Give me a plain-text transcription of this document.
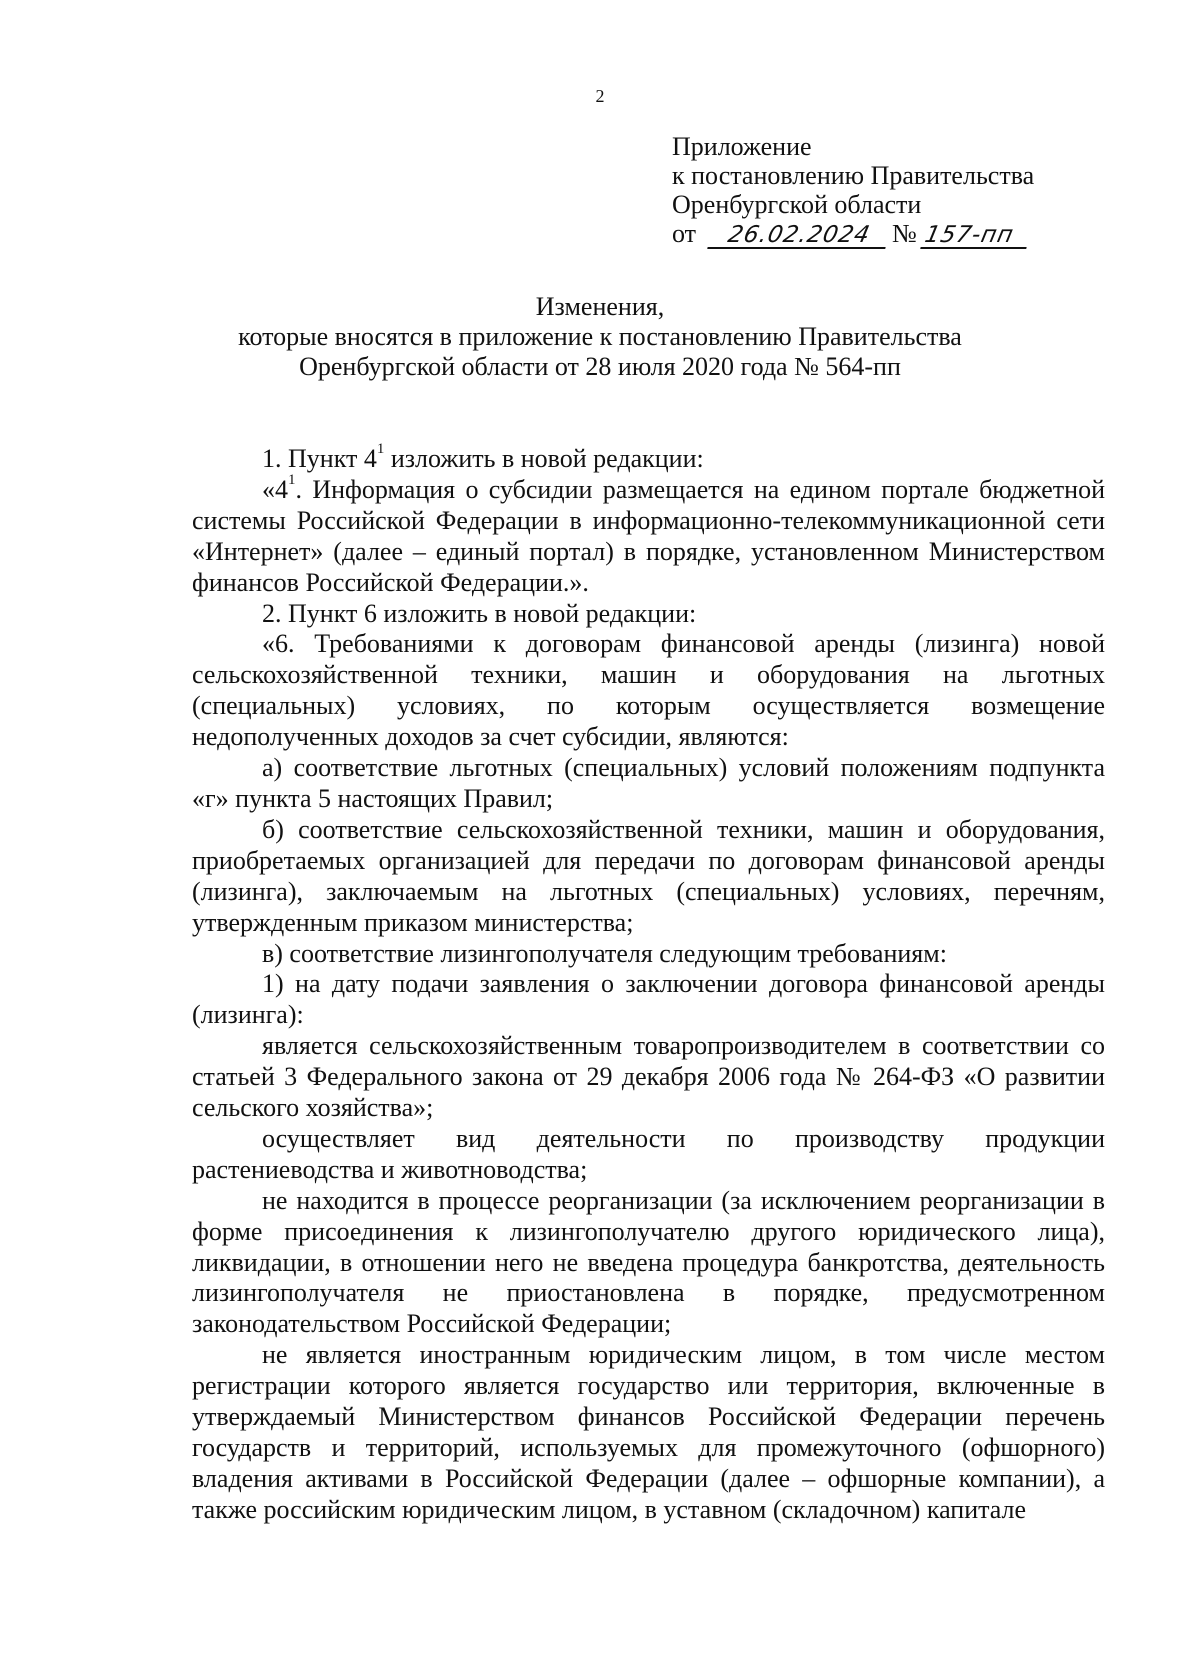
2
Приложение
к постановлению Правительства
Оренбургской области
от 26.02.2024 № 157-пп
Изменения,
которые вносятся в приложение к постановлению Правительства
Оренбургской области от 28 июля 2020 года № 564-пп

1. Пункт $4^1$ изложить в новой редакции:

«$4^1$. Информация о субсидии размещается на едином портале бюджетной системы Российской Федерации в информационно-телекоммуникационной сети «Интернет» (далее – единый портал) в порядке, установленном Министерством финансов Российской Федерации.».

2. Пункт 6 изложить в новой редакции:

«6. Требованиями к договорам финансовой аренды (лизинга) новой сельскохозяйственной техники, машин и оборудования на льготных (специальных) условиях, по которым осуществляется возмещение недополученных доходов за счет субсидии, являются:

а) соответствие льготных (специальных) условий положениям подпункта «г» пункта 5 настоящих Правил;

б) соответствие сельскохозяйственной техники, машин и оборудования, приобретаемых организацией для передачи по договорам финансовой аренды (лизинга), заключаемым на льготных (специальных) условиях, перечням, утвержденным приказом министерства;

в) соответствие лизингополучателя следующим требованиям:

1) на дату подачи заявления о заключении договора финансовой аренды (лизинга):

является сельскохозяйственным товаропроизводителем в соответствии со статьей 3 Федерального закона от 29 декабря 2006 года № 264-ФЗ «О развитии сельского хозяйства»;

осуществляет вид деятельности по производству продукции растениеводства и животноводства;

не находится в процессе реорганизации (за исключением реорганизации в форме присоединения к лизингополучателю другого юридического лица), ликвидации, в отношении него не введена процедура банкротства, деятельность лизингополучателя не приостановлена в порядке, предусмотренном законодательством Российской Федерации;

не является иностранным юридическим лицом, в том числе местом регистрации которого является государство или территория, включенные в утверждаемый Министерством финансов Российской Федерации перечень государств и территорий, используемых для промежуточного (офшорного) владения активами в Российской Федерации (далее – офшорные компании), а также российским юридическим лицом, в уставном (складочном) капитале
